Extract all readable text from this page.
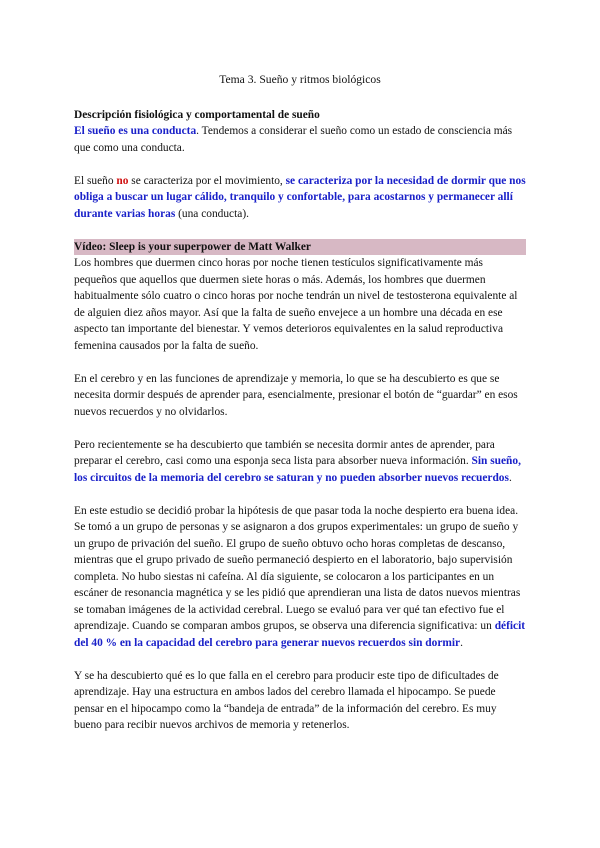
Tema 3. Sueño y ritmos biológicos

Descripción fisiológica y comportamental de sueño

El sueño es una conducta. Tendemos a considerar el sueño como un estado de consciencia más que como una conducta.

El sueño no se caracteriza por el movimiento, se caracteriza por la necesidad de dormir que nos obliga a buscar un lugar cálido, tranquilo y confortable, para acostarnos y permanecer allí durante varias horas (una conducta).

Vídeo: Sleep is your superpower de Matt Walker

Los hombres que duermen cinco horas por noche tienen testículos significativamente más pequeños que aquellos que duermen siete horas o más. Además, los hombres que duermen habitualmente sólo cuatro o cinco horas por noche tendrán un nivel de testosterona equivalente al de alguien diez años mayor. Así que la falta de sueño envejece a un hombre una década en ese aspecto tan importante del bienestar. Y vemos deterioros equivalentes en la salud reproductiva femenina causados por la falta de sueño.

En el cerebro y en las funciones de aprendizaje y memoria, lo que se ha descubierto es que se necesita dormir después de aprender para, esencialmente, presionar el botón de “guardar” en esos nuevos recuerdos y no olvidarlos.

Pero recientemente se ha descubierto que también se necesita dormir antes de aprender, para preparar el cerebro, casi como una esponja seca lista para absorber nueva información. Sin sueño, los circuitos de la memoria del cerebro se saturan y no pueden absorber nuevos recuerdos.

En este estudio se decidió probar la hipótesis de que pasar toda la noche despierto era buena idea. Se tomó a un grupo de personas y se asignaron a dos grupos experimentales: un grupo de sueño y un grupo de privación del sueño. El grupo de sueño obtuvo ocho horas completas de descanso, mientras que el grupo privado de sueño permaneció despierto en el laboratorio, bajo supervisión completa. No hubo siestas ni cafeína. Al día siguiente, se colocaron a los participantes en un escáner de resonancia magnética y se les pidió que aprendieran una lista de datos nuevos mientras se tomaban imágenes de la actividad cerebral. Luego se evaluó para ver qué tan efectivo fue el aprendizaje. Cuando se comparan ambos grupos, se observa una diferencia significativa: un déficit del 40 % en la capacidad del cerebro para generar nuevos recuerdos sin dormir.

Y se ha descubierto qué es lo que falla en el cerebro para producir este tipo de dificultades de aprendizaje. Hay una estructura en ambos lados del cerebro llamada el hipocampo. Se puede pensar en el hipocampo como la “bandeja de entrada” de la información del cerebro. Es muy bueno para recibir nuevos archivos de memoria y retenerlos.
